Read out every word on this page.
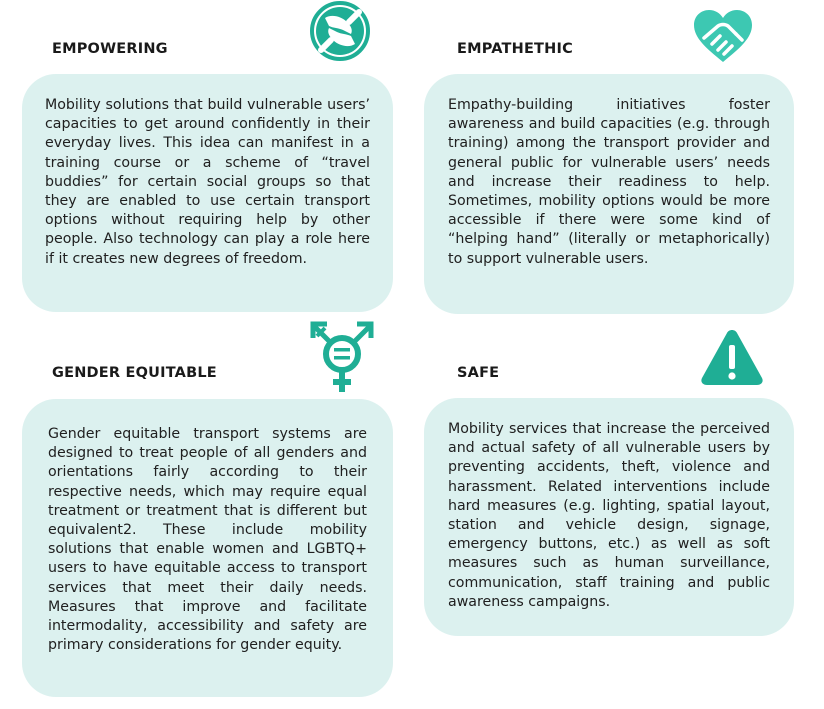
EMPOWERING

Mobility solutions that build vulnerable users’ capacities to get around confidently in their everyday lives. This idea can manifest in a training course or a scheme of “travel buddies” for certain social groups so that they are enabled to use certain transport options without requiring help by other people. Also technology can play a role here if it creates new degrees of freedom.

EMPATHETHIC

Empathy-building initiatives foster awareness and build capacities (e.g. through training) among the transport provider and general public for vulnerable users’ needs and increase their readiness to help. Sometimes, mobility options would be more accessible if there were some kind of “helping hand” (literally or metaphorically) to support vulnerable users.

GENDER EQUITABLE

Gender equitable transport systems are designed to treat people of all genders and orientations fairly according to their respective needs, which may require equal treatment or treatment that is different but equivalent2. These include mobility solutions that enable women and LGBTQ+ users to have equitable access to transport services that meet their daily needs. Measures that improve and facilitate intermodality, accessibility and safety are primary considerations for gender equity.

SAFE

Mobility services that increase the perceived and actual safety of all vulnerable users by preventing accidents, theft, violence and harassment. Related interventions include hard measures (e.g. lighting, spatial layout, station and vehicle design, signage, emergency buttons, etc.) as well as soft measures such as human surveillance, communication, staff training and public awareness campaigns.
